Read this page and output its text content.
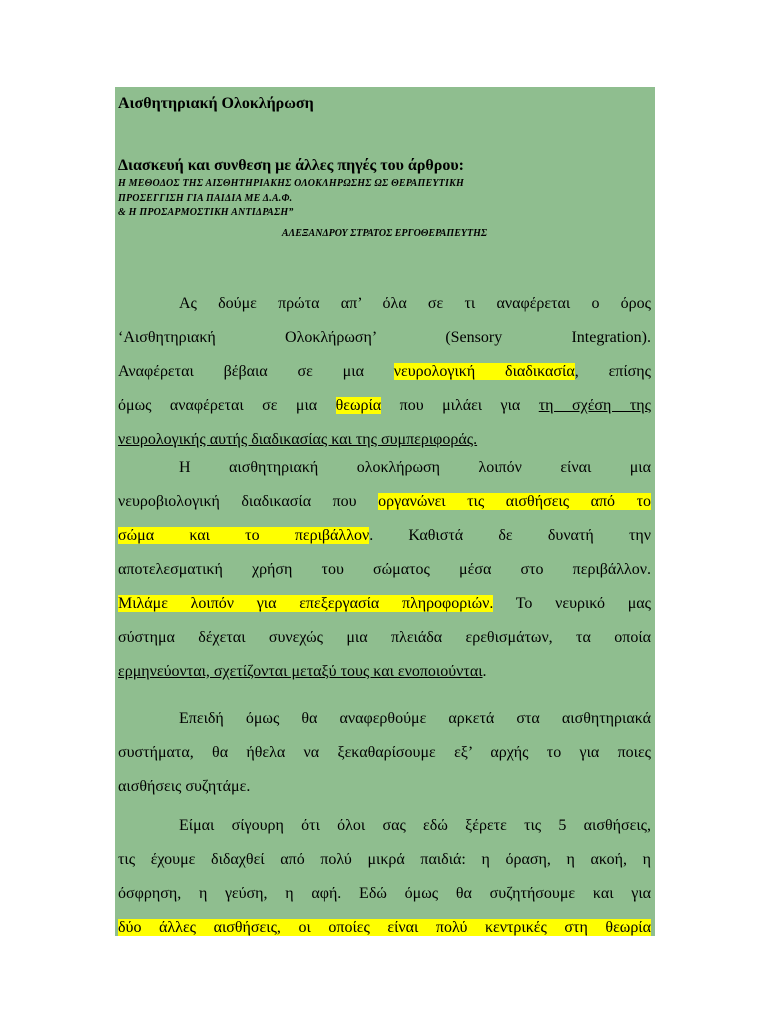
Αισθητηριακή Ολοκλήρωση
Διασκευή και συνθεση με άλλες πηγές του άρθρου:
Η ΜΕΘΟΔΟΣ ΤΗΣ ΑΙΣΘΗΤΗΡΙΑΚΗΣ ΟΛΟΚΛΗΡΩΣΗΣ ΩΣ ΘΕΡΑΠΕΥΤΙΚΗ
ΠΡΟΣΕΓΓΙΣΗ ΓΙΑ ΠΑΙΔΙΑ ΜΕ Δ.Α.Φ.
& Η ΠΡΟΣΑΡΜΟΣΤΙΚΗ ΑΝΤΙΔΡΑΣΗ”
ΑΛΕΞΑΝΔΡΟΥ ΣΤΡΑΤΟΣ ΕΡΓΟΘΕΡΑΠΕΥΤΗΣ
Ας δούμε πρώτα απ’ όλα σε τι αναφέρεται ο όρος
‘Αισθητηριακή Ολοκλήρωση’ (Sensory Integration).
Αναφέρεται βέβαια σε μια νευρολογική διαδικασία, επίσης
όμως αναφέρεται σε μια θεωρία που μιλάει για τη σχέση της
νευρολογικής αυτής διαδικασίας και της συμπεριφοράς.
Η αισθητηριακή ολοκλήρωση λοιπόν είναι μια
νευροβιολογική διαδικασία που οργανώνει τις αισθήσεις από το
σώμα και το περιβάλλον. Καθιστά δε δυνατή την
αποτελεσματική χρήση του σώματος μέσα στο περιβάλλον.
Μιλάμε λοιπόν για επεξεργασία πληροφοριών. Το νευρικό μας
σύστημα δέχεται συνεχώς μια πλειάδα ερεθισμάτων, τα οποία
ερμηνεύονται, σχετίζονται μεταξύ τους και ενοποιούνται.
Επειδή όμως θα αναφερθούμε αρκετά στα αισθητηριακά
συστήματα, θα ήθελα να ξεκαθαρίσουμε εξ’ αρχής το για ποιες
αισθήσεις συζητάμε.
Είμαι σίγουρη ότι όλοι σας εδώ ξέρετε τις 5 αισθήσεις,
τις έχουμε διδαχθεί από πολύ μικρά παιδιά: η όραση, η ακοή, η
όσφρηση, η γεύση, η αφή. Εδώ όμως θα συζητήσουμε και για
δύο άλλες αισθήσεις, οι οποίες είναι πολύ κεντρικές στη θεωρία
